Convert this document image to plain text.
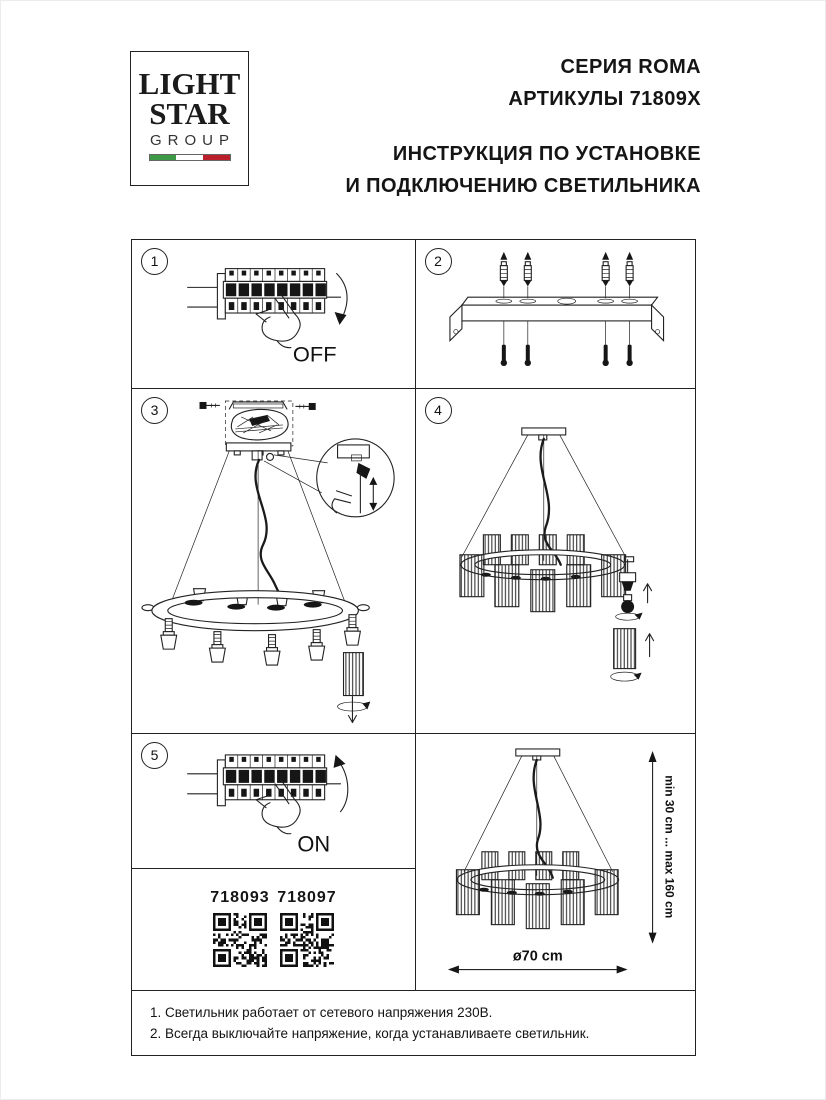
LIGHT
STAR
GROUP
СЕРИЯ ROMA
АРТИКУЛЫ 71809X
ИНСТРУКЦИЯ ПО УСТАНОВКЕ
И ПОДКЛЮЧЕНИЮ СВЕТИЛЬНИКА
1
OFF
2
3	4
5
ON
718093 718097	min 30 cm ... max 160 cm
ø70 cm
1. Светильник работает от сетевого напряжения 230В.
2. Всегда выключайте напряжение, когда устанавливаете светильник.
